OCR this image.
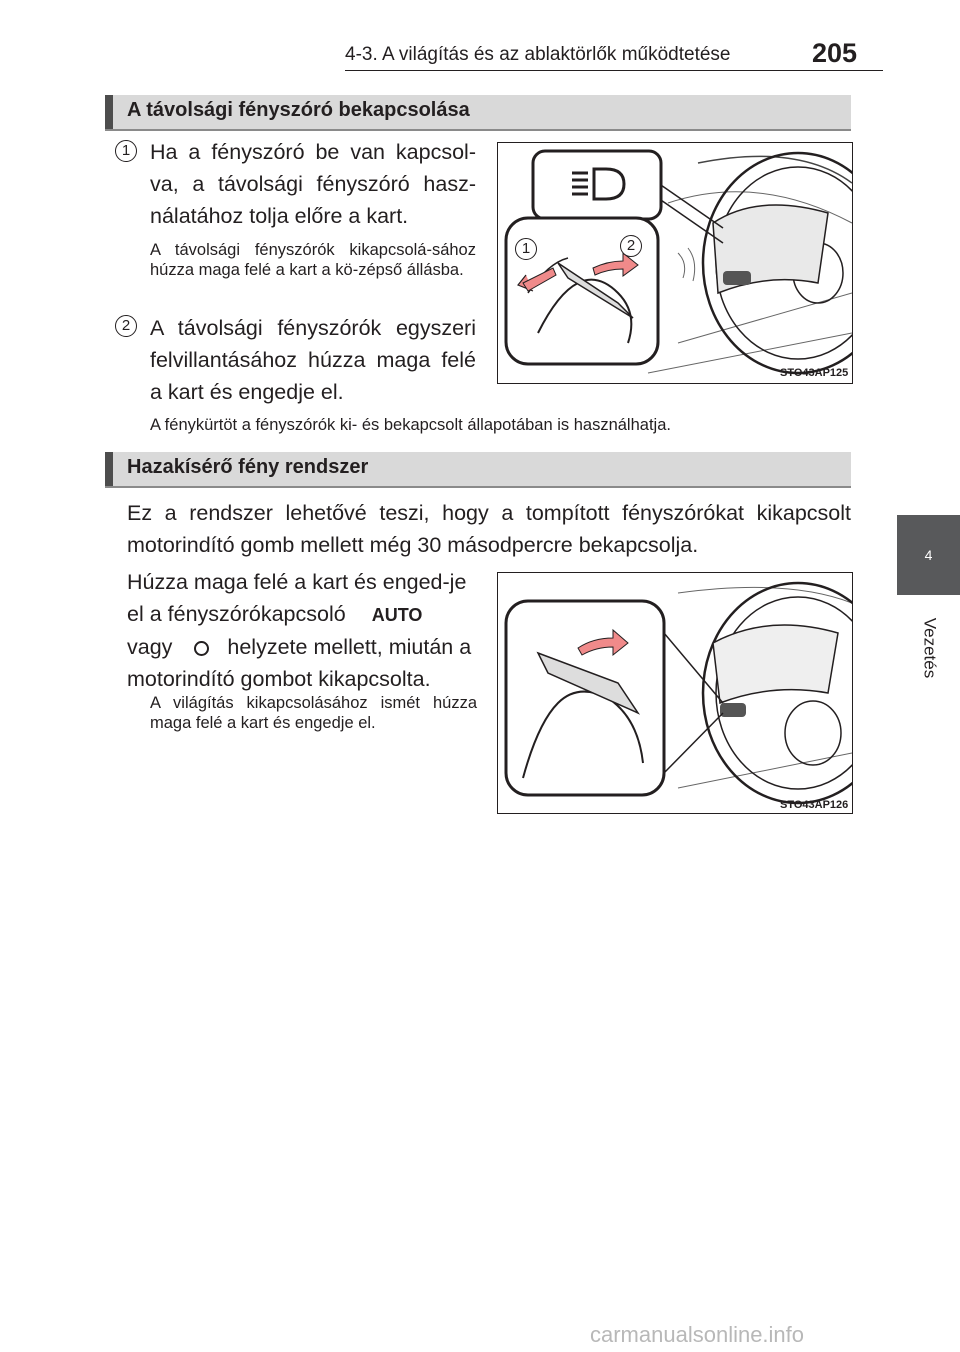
4-3. A világítás és az ablaktörlők működtetése	205
4
Vezetés
A távolsági fényszóró bekapcsolása
1 Ha a fényszóró be van kapcsol-va, a távolsági fényszóró hasz-nálatához tolja előre a kart.
A távolsági fényszórók kikapcsolá-sához húzza maga felé a kart a kö-zépső állásba.
2 A távolsági fényszórók egyszeri felvillantásához húzza maga felé a kart és engedje el.
A fénykürtöt a fényszórók ki- és bekapcsolt állapotában is használhatja.
1	2
STO43AP125
Hazakísérő fény rendszer
Ez a rendszer lehetővé teszi, hogy a tompított fényszórókat kikapcsolt motorindító gomb mellett még 30 másodpercre bekapcsolja.
Húzza maga felé a kart és enged-je el a fényszórókapcsoló AUTO
vagy	helyzete mellett, miután a motorindító gombot kikapcsolta.
A világítás kikapcsolásához ismét húzza maga felé a kart és engedje el.
STO43AP126
carmanualsonline.info
